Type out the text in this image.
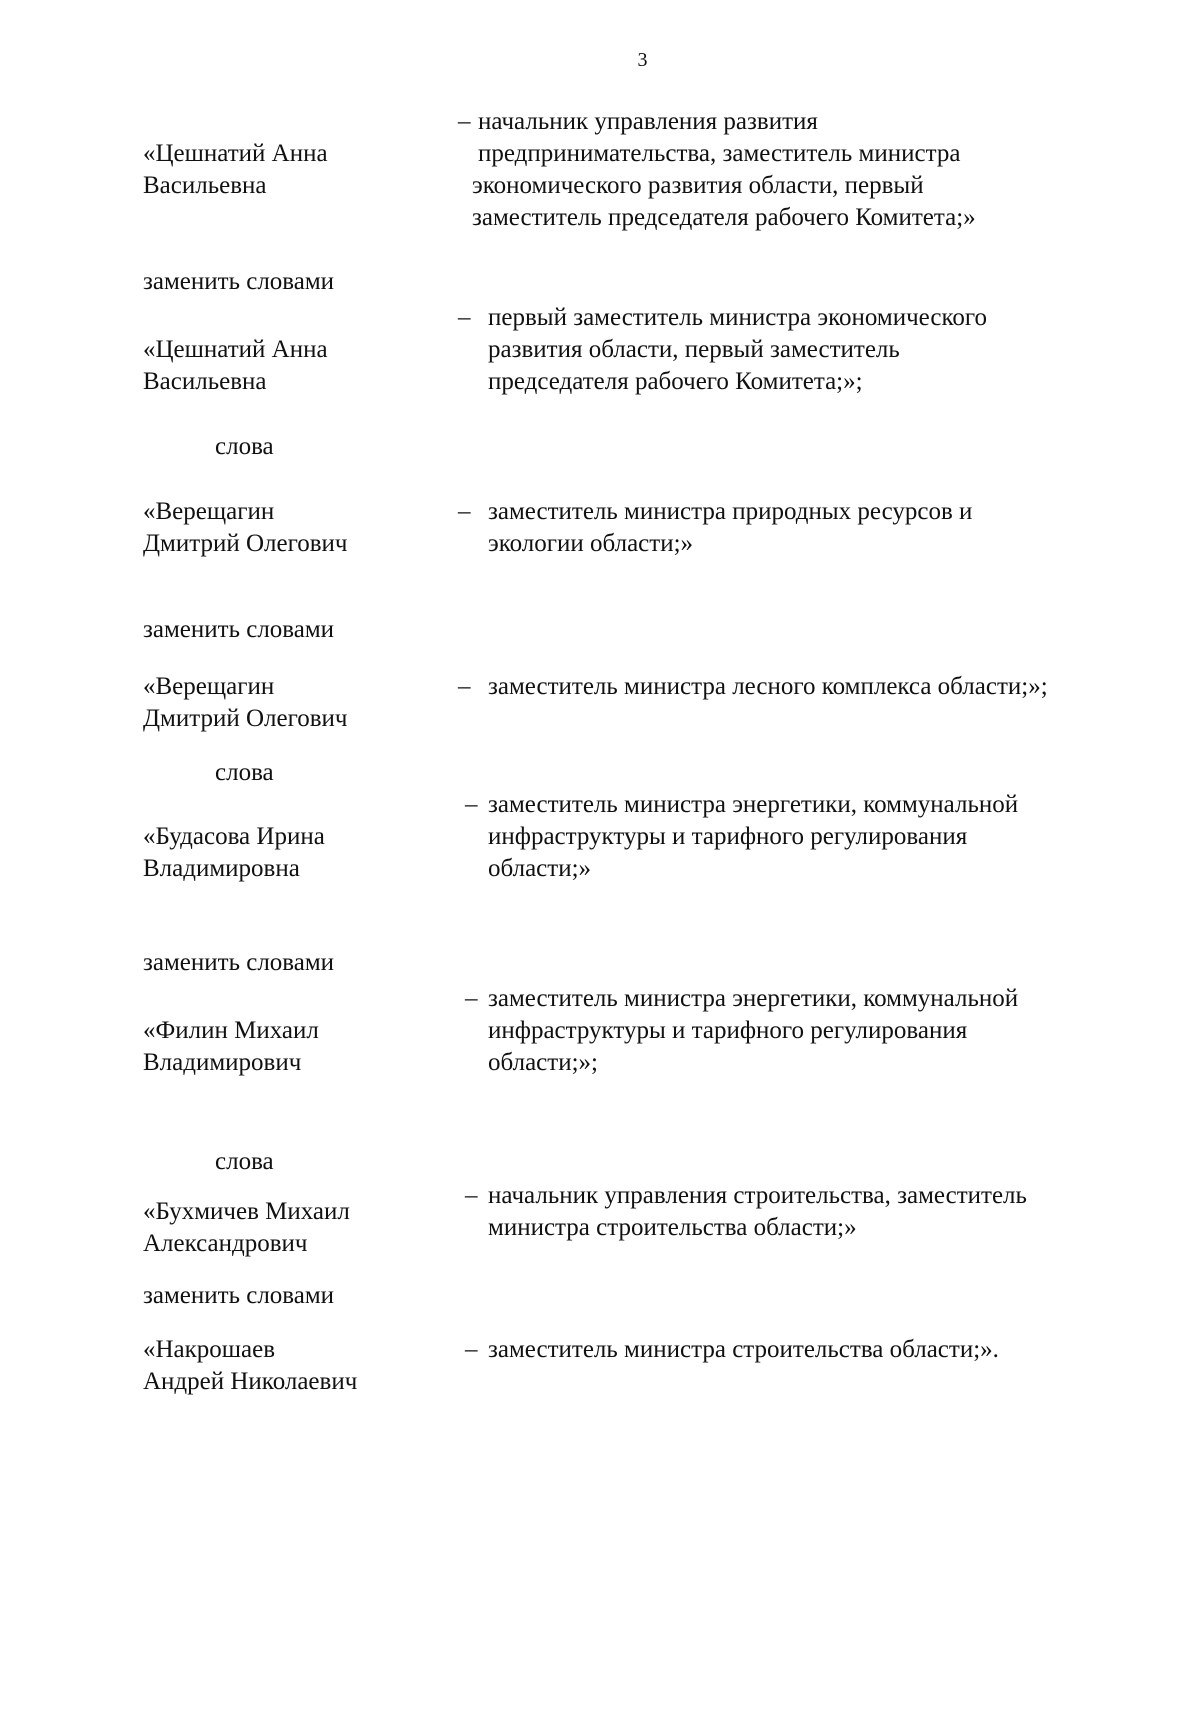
3
– начальник управления развития
предпринимательства, заместитель министра
экономического развития области, первый
заместитель председателя рабочего Комитета;»
«Цешнатий Анна
Васильевна
заменить словами
– первый заместитель министра экономического
развития области, первый заместитель
председателя рабочего Комитета;»;
«Цешнатий Анна
Васильевна
слова
– заместитель министра природных ресурсов и
экологии области;»
«Верещагин
Дмитрий Олегович
заменить словами
– заместитель министра лесного комплекса области;»;
«Верещагин
Дмитрий Олегович
слова
– заместитель министра энергетики, коммунальной
инфраструктуры и тарифного регулирования
области;»
«Будасова Ирина
Владимировна
заменить словами
– заместитель министра энергетики, коммунальной
инфраструктуры и тарифного регулирования
области;»;
«Филин Михаил
Владимирович
слова
– начальник управления строительства, заместитель
министра строительства области;»
«Бухмичев Михаил
Александрович
заменить словами
– заместитель министра строительства области;».
«Накрошаев
Андрей Николаевич
